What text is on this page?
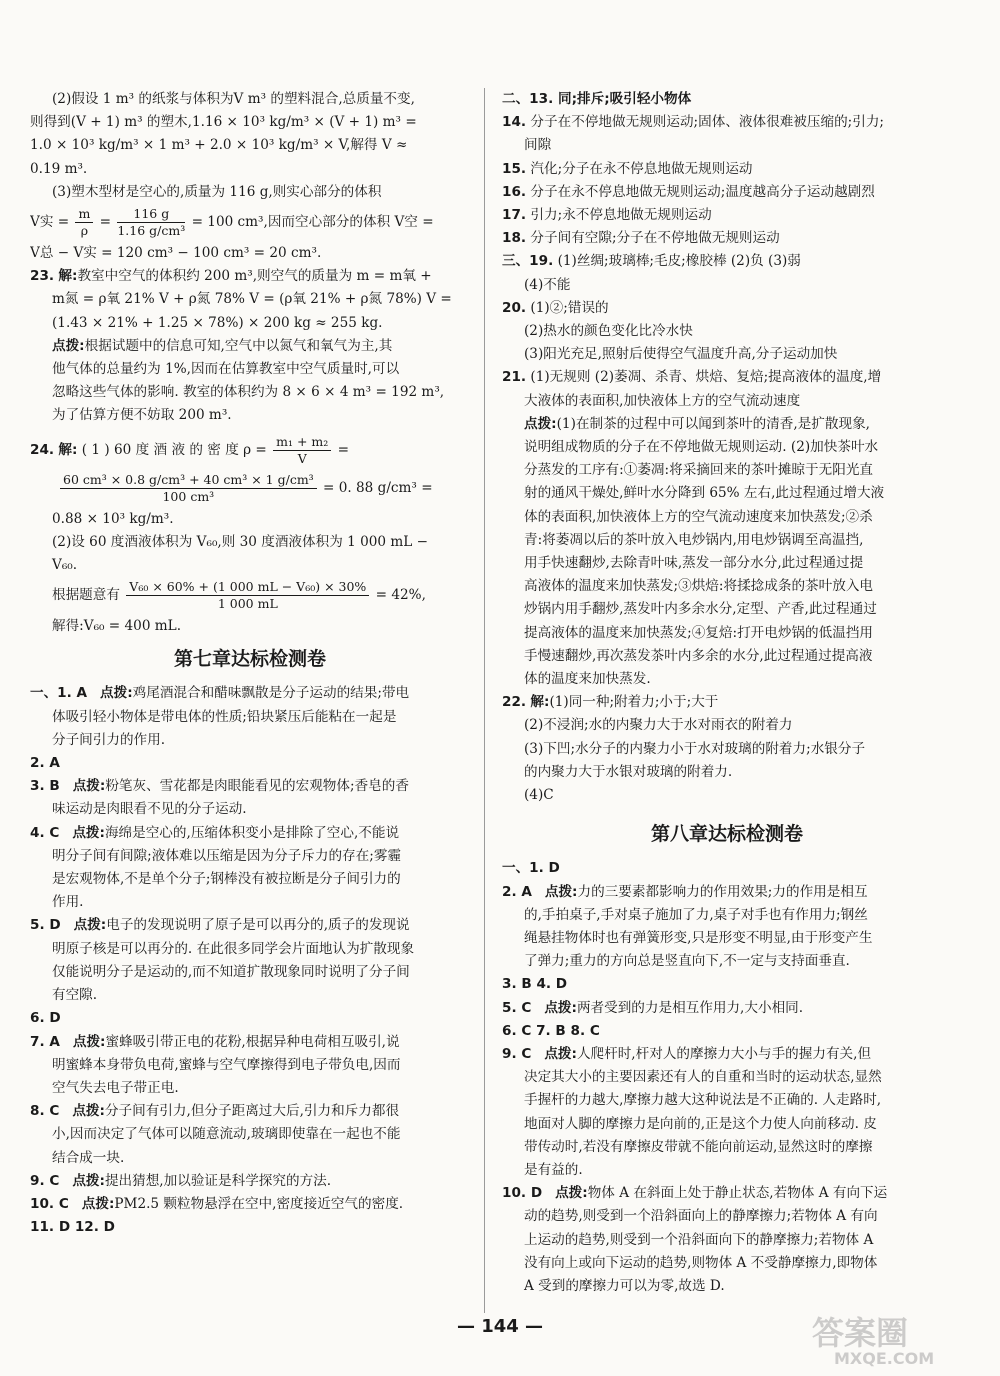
(2)假设 1 m³ 的纸浆与体积为V m³ 的塑料混合,总质量不变,
则得到(V + 1) m³ 的塑木,1.16 × 10³ kg/m³ × (V + 1) m³ =
1.0 × 10³ kg/m³ × 1 m³ + 2.0 × 10³ kg/m³ × V,解得 V ≈
0.19 m³.
(3)塑木型材是空心的,质量为 116 g,则实心部分的体积
V实 = $\frac{m}{\rho} = \frac{116 g}{\text{1.16 g/cm³}} = 100$ cm³,因而空心部分的体积 V空 =
V总 − V实 = 120 cm³ − 100 cm³ = 20 cm³.
23. 解:教室中空气的体积约 200 m³,则空气的质量为 m = m氧 +
m氮 = ρ氧 21% V + ρ氮 78% V = (ρ氧 21% + ρ氮 78%) V =
(1.43 × 21% + 1.25 × 78%) × 200 kg ≈ 255 kg.
点拨:根据试题中的信息可知,空气中以氮气和氧气为主,其
他气体的总量约为 1%,因而在估算教室中空气质量时,可以
忽略这些气体的影响. 教室的体积约为 8 × 6 × 4 m³ = 192 m³,
为了估算方便不妨取 200 m³.
24. 解: ( 1 ) 60 度 酒 液 的 密 度 $\rho = \frac{\text{m₁ + m₂}}{V}$ =
$\frac{\text{60 cm³ × 0.8 g/cm³ + 40 cm³ × 1 g/cm³}}{\text{100 cm³}} = 0$. 88 g/cm³ =
0.88 × 10³ kg/m³.
(2)设 60 度酒液体积为 V₆₀,则 30 度酒液体积为 1 000 mL −
V₆₀.
根据题意有 $\frac{\text{V₆₀ × 60\% + (1 000 mL − V₆₀) × 30\%}}{1 000 mL} = 42\%$,
解得:V₆₀ = 400 mL.
第七章达标检测卷
一、1. A 点拨:鸡尾酒混合和醋味飘散是分子运动的结果;带电
体吸引轻小物体是带电体的性质;铅块紧压后能粘在一起是
分子间引力的作用.
2. A
3. B 点拨:粉笔灰、雪花都是肉眼能看见的宏观物体;香皂的香
味运动是肉眼看不见的分子运动.
4. C 点拨:海绵是空心的,压缩体积变小是排除了空心,不能说
明分子间有间隙;液体难以压缩是因为分子斥力的存在;雾霾
是宏观物体,不是单个分子;钢棒没有被拉断是分子间引力的
作用.
5. D 点拨:电子的发现说明了原子是可以再分的,质子的发现说
明原子核是可以再分的. 在此很多同学会片面地认为扩散现象
仅能说明分子是运动的,而不知道扩散现象同时说明了分子间
有空隙.
6. D
7. A 点拨:蜜蜂吸引带正电的花粉,根据异种电荷相互吸引,说
明蜜蜂本身带负电荷,蜜蜂与空气摩擦得到电子带负电,因而
空气失去电子带正电.
8. C 点拨:分子间有引力,但分子距离过大后,引力和斥力都很
小,因而决定了气体可以随意流动,玻璃即使靠在一起也不能
结合成一块.
9. C 点拨:提出猜想,加以验证是科学探究的方法.
10. C 点拨:PM2.5 颗粒物悬浮在空中,密度接近空气的密度.
11. D 12. D
二、13. 同;排斥;吸引轻小物体
14. 分子在不停地做无规则运动;固体、液体很难被压缩的;引力;
间隙
15. 汽化;分子在永不停息地做无规则运动
16. 分子在永不停息地做无规则运动;温度越高分子运动越剧烈
17. 引力;永不停息地做无规则运动
18. 分子间有空隙;分子在不停地做无规则运动
三、19. (1)丝绸;玻璃棒;毛皮;橡胶棒 (2)负 (3)弱
(4)不能
20. (1)②;错误的
(2)热水的颜色变化比冷水快
(3)阳光充足,照射后使得空气温度升高,分子运动加快
21. (1)无规则 (2)萎凋、杀青、烘焙、复焙;提高液体的温度,增
大液体的表面积,加快液体上方的空气流动速度
点拨:(1)在制茶的过程中可以闻到茶叶的清香,是扩散现象,
说明组成物质的分子在不停地做无规则运动. (2)加快茶叶水
分蒸发的工序有:①萎凋:将采摘回来的茶叶摊晾于无阳光直
射的通风干燥处,鲜叶水分降到 65% 左右,此过程通过增大液
体的表面积,加快液体上方的空气流动速度来加快蒸发;②杀
青:将萎凋以后的茶叶放入电炒锅内,用电炒锅调至高温挡,
用手快速翻炒,去除青叶味,蒸发一部分水分,此过程通过提
高液体的温度来加快蒸发;③烘焙:将揉捻成条的茶叶放入电
炒锅内用手翻炒,蒸发叶内多余水分,定型、产香,此过程通过
提高液体的温度来加快蒸发;④复焙:打开电炒锅的低温挡用
手慢速翻炒,再次蒸发茶叶内多余的水分,此过程通过提高液
体的温度来加快蒸发.
22. 解:(1)同一种;附着力;小于;大于
(2)不浸润;水的内聚力大于水对雨衣的附着力
(3)下凹;水分子的内聚力小于水对玻璃的附着力;水银分子
的内聚力大于水银对玻璃的附着力.
(4)C
第八章达标检测卷
一、1. D
2. A 点拨:力的三要素都影响力的作用效果;力的作用是相互
的,手拍桌子,手对桌子施加了力,桌子对手也有作用力;钢丝
绳悬挂物体时也有弹簧形变,只是形变不明显,由于形变产生
了弹力;重力的方向总是竖直向下,不一定与支持面垂直.
3. B 4. D
5. C 点拨:两者受到的力是相互作用力,大小相同.
6. C 7. B 8. C
9. C 点拨:人爬杆时,杆对人的摩擦力大小与手的握力有关,但
决定其大小的主要因素还有人的自重和当时的运动状态,显然
手握杆的力越大,摩擦力越大这种说法是不正确的. 人走路时,
地面对人脚的摩擦力是向前的,正是这个力使人向前移动. 皮
带传动时,若没有摩擦皮带就不能向前运动,显然这时的摩擦
是有益的.
10. D 点拨:物体 A 在斜面上处于静止状态,若物体 A 有向下运
动的趋势,则受到一个沿斜面向上的静摩擦力;若物体 A 有向
上运动的趋势,则受到一个沿斜面向下的静摩擦力;若物体 A
没有向上或向下运动的趋势,则物体 A 不受静摩擦力,即物体
A 受到的摩擦力可以为零,故选 D.
— 144 —	答案圈
MXQE.COM
